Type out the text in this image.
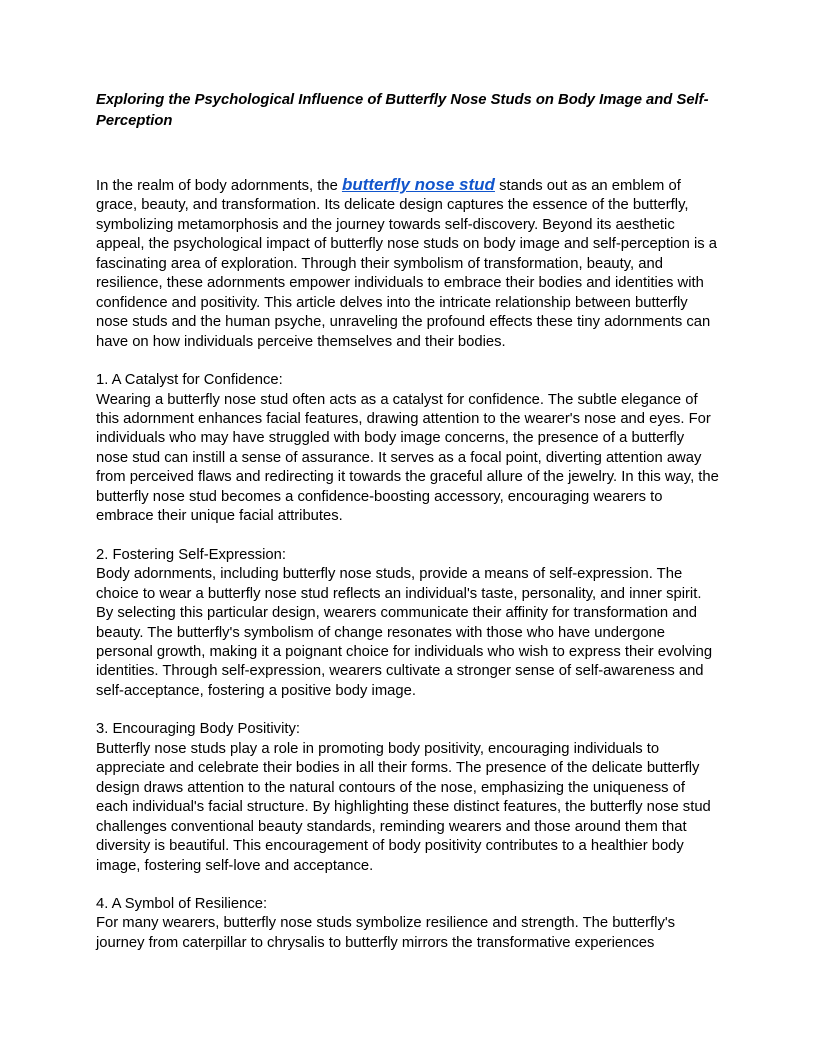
Exploring the Psychological Influence of Butterfly Nose Studs on Body Image and Self-Perception

In the realm of body adornments, the butterfly nose stud stands out as an emblem of grace, beauty, and transformation. Its delicate design captures the essence of the butterfly, symbolizing metamorphosis and the journey towards self-discovery. Beyond its aesthetic appeal, the psychological impact of butterfly nose studs on body image and self-perception is a fascinating area of exploration. Through their symbolism of transformation, beauty, and resilience, these adornments empower individuals to embrace their bodies and identities with confidence and positivity. This article delves into the intricate relationship between butterfly nose studs and the human psyche, unraveling the profound effects these tiny adornments can have on how individuals perceive themselves and their bodies.

1. A Catalyst for Confidence:
Wearing a butterfly nose stud often acts as a catalyst for confidence. The subtle elegance of this adornment enhances facial features, drawing attention to the wearer's nose and eyes. For individuals who may have struggled with body image concerns, the presence of a butterfly nose stud can instill a sense of assurance. It serves as a focal point, diverting attention away from perceived flaws and redirecting it towards the graceful allure of the jewelry. In this way, the butterfly nose stud becomes a confidence-boosting accessory, encouraging wearers to embrace their unique facial attributes.
2. Fostering Self-Expression:
Body adornments, including butterfly nose studs, provide a means of self-expression. The choice to wear a butterfly nose stud reflects an individual's taste, personality, and inner spirit. By selecting this particular design, wearers communicate their affinity for transformation and beauty. The butterfly's symbolism of change resonates with those who have undergone personal growth, making it a poignant choice for individuals who wish to express their evolving identities. Through self-expression, wearers cultivate a stronger sense of self-awareness and self-acceptance, fostering a positive body image.
3. Encouraging Body Positivity:
Butterfly nose studs play a role in promoting body positivity, encouraging individuals to appreciate and celebrate their bodies in all their forms. The presence of the delicate butterfly design draws attention to the natural contours of the nose, emphasizing the uniqueness of each individual's facial structure. By highlighting these distinct features, the butterfly nose stud challenges conventional beauty standards, reminding wearers and those around them that diversity is beautiful. This encouragement of body positivity contributes to a healthier body image, fostering self-love and acceptance.
4. A Symbol of Resilience:
For many wearers, butterfly nose studs symbolize resilience and strength. The butterfly's journey from caterpillar to chrysalis to butterfly mirrors the transformative experiences
